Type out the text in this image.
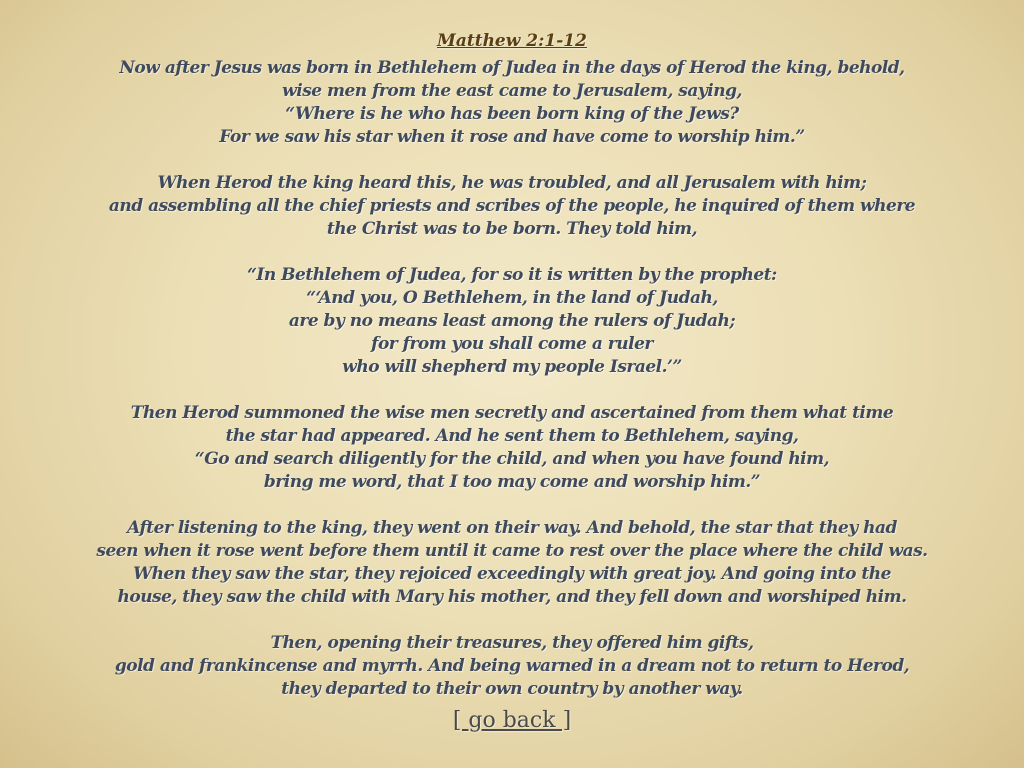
Matthew 2:1-12
Now after Jesus was born in Bethlehem of Judea in the days of Herod the king, behold,
wise men from the east came to Jerusalem, saying,
“Where is he who has been born king of the Jews?
For we saw his star when it rose and have come to worship him.”
When Herod the king heard this, he was troubled, and all Jerusalem with him;
and assembling all the chief priests and scribes of the people, he inquired of them where
the Christ was to be born. They told him,
“In Bethlehem of Judea, for so it is written by the prophet:
“‘And you, O Bethlehem, in the land of Judah,
are by no means least among the rulers of Judah;
for from you shall come a ruler
who will shepherd my people Israel.’”
Then Herod summoned the wise men secretly and ascertained from them what time
the star had appeared. And he sent them to Bethlehem, saying,
“Go and search diligently for the child, and when you have found him,
bring me word, that I too may come and worship him.”
After listening to the king, they went on their way. And behold, the star that they had
seen when it rose went before them until it came to rest over the place where the child was.
When they saw the star, they rejoiced exceedingly with great joy. And going into the
house, they saw the child with Mary his mother, and they fell down and worshiped him.
Then, opening their treasures, they offered him gifts,
gold and frankincense and myrrh. And being warned in a dream not to return to Herod,
they departed to their own country by another way.
[ go back ]
